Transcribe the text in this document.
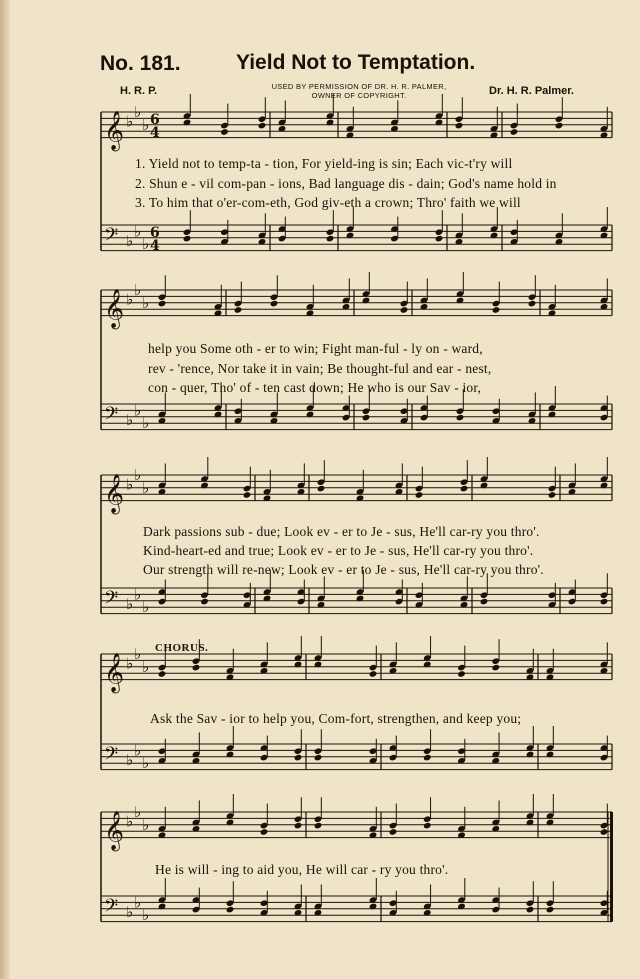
No. 181.	Yield Not to Temptation.
H. R. P.	USED BY PERMISSION OF DR. H. R. PALMER,
OWNER OF COPYRIGHT.	Dr. H. R. Palmer.
CHORUS.
𝄞 ♭
♭
♭
𝄢 ♭
♭
♭
𝄞 ♭
♭
♭
𝄢 ♭
♭
♭
𝄞 ♭
♭
♭
𝄢 ♭
♭
♭
𝄞 ♭
♭
♭
𝄢 ♭
♭
♭
𝄞 ♭
♭
♭
𝄢 ♭
♭
♭
6
4
6
4
1. Yield not to temp-ta - tion, For yield-ing is sin; Each vic-t'ry will
2. Shun e - vil com-pan - ions, Bad language dis - dain; God's name hold in
3. To him that o'er-com-eth, God giv-eth a crown; Thro' faith we will
help you Some oth - er to win; Fight man-ful - ly on - ward,
rev - 'rence, Nor take it in vain; Be thought-ful and ear - nest,
con - quer, Tho' of - ten cast down; He who is our Sav - ior,
Dark passions sub - due; Look ev - er to Je - sus, He'll car-ry you thro'.
Kind-heart-ed and true; Look ev - er to Je - sus, He'll car-ry you thro'.
Our strength will re-new; Look ev - er to Je - sus, He'll car-ry you thro'.
Ask the Sav - ior to help you, Com-fort, strengthen, and keep you;
He is will - ing to aid you, He will car - ry you thro'.
